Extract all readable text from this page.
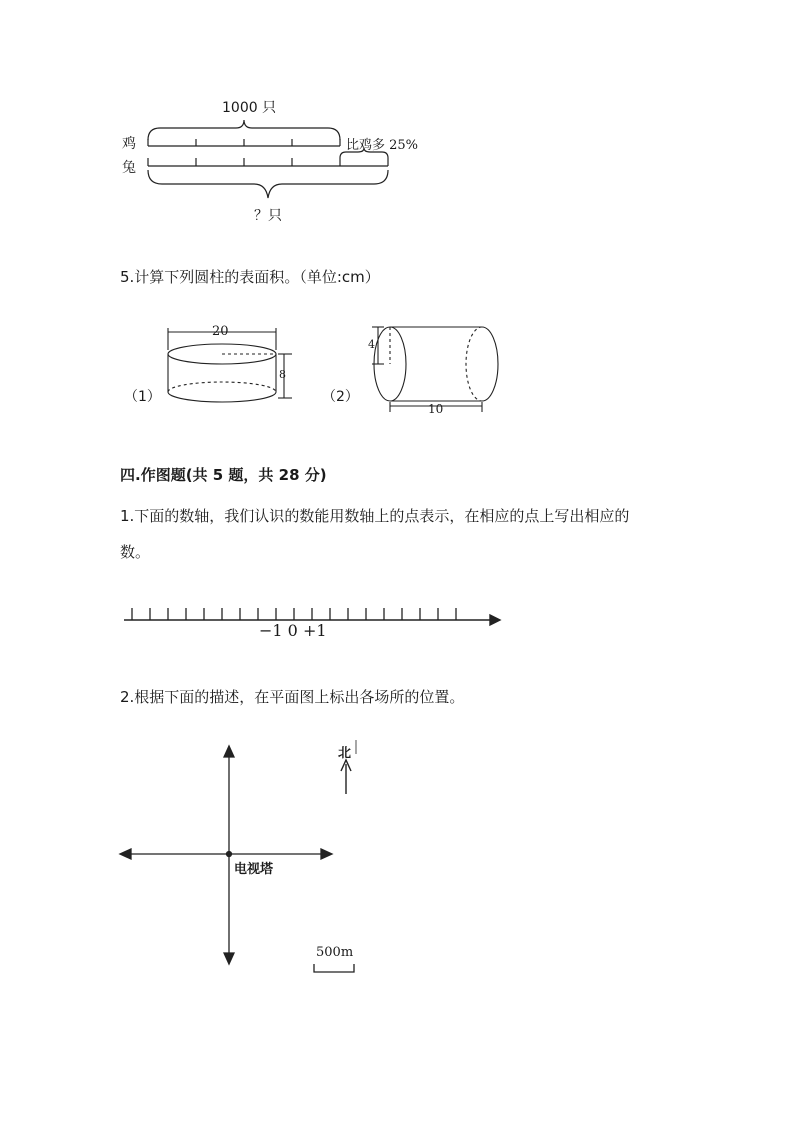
1000 只
鸡
兔
比鸡多 25%
？只
5.计算下列圆柱的表面积。（单位:cm）
20
8
（1）	（2）
4
10
四.作图题(共 5 题，共 28 分)
1.下面的数轴，我们认识的数能用数轴上的点表示，在相应的点上写出相应的
数。
−1 0 +1
2.根据下面的描述，在平面图上标出各场所的位置。
北
电视塔
500m
